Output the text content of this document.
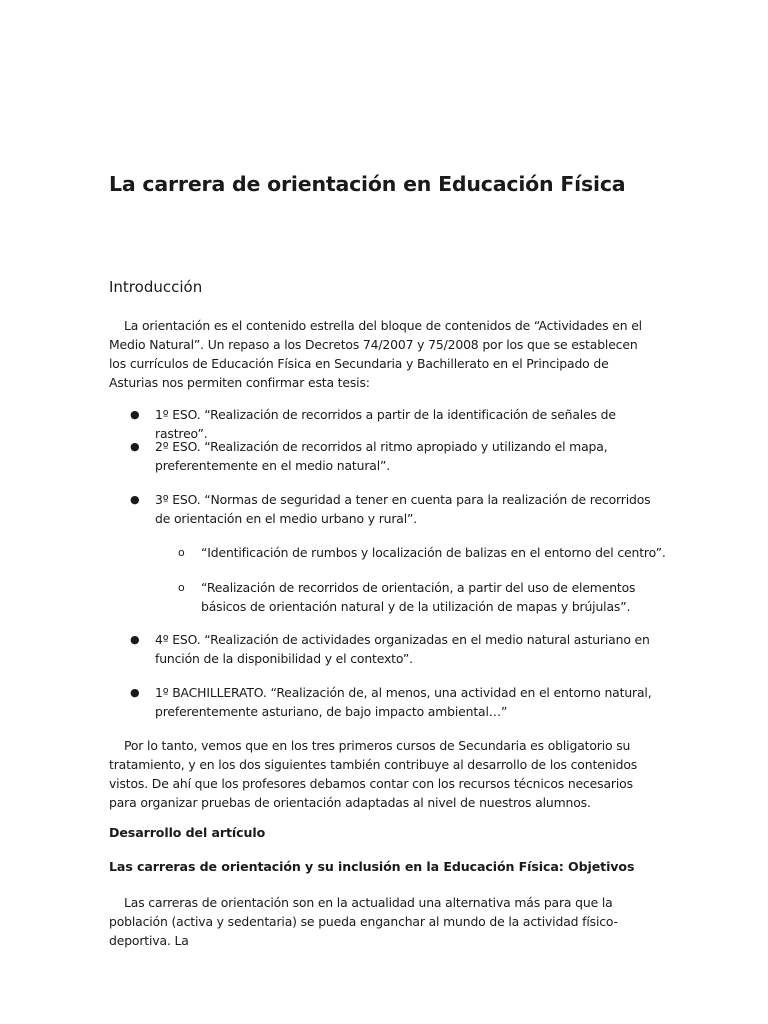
La carrera de orientación en Educación Física
Introducción

La orientación es el contenido estrella del bloque de contenidos de “Actividades en el Medio Natural”. Un repaso a los Decretos 74/2007 y 75/2008 por los que se establecen los currículos de Educación Física en Secundaria y Bachillerato en el Principado de Asturias nos permiten confirmar esta tesis:

● 1º ESO. “Realización de recorridos a partir de la identificación de señales de rastreo”.
● 2º ESO. “Realización de recorridos al ritmo apropiado y utilizando el mapa, preferentemente en el medio natural”.
● 3º ESO. “Normas de seguridad a tener en cuenta para la realización de recorridos de orientación en el medio urbano y rural”.
o “Identificación de rumbos y localización de balizas en el entorno del centro”.
o “Realización de recorridos de orientación, a partir del uso de elementos básicos de orientación natural y de la utilización de mapas y brújulas”.
● 4º ESO. “Realización de actividades organizadas en el medio natural asturiano en función de la disponibilidad y el contexto”.
● 1º BACHILLERATO. “Realización de, al menos, una actividad en el entorno natural, preferentemente asturiano, de bajo impacto ambiental…”

Por lo tanto, vemos que en los tres primeros cursos de Secundaria es obligatorio su tratamiento, y en los dos siguientes también contribuye al desarrollo de los contenidos vistos. De ahí que los profesores debamos contar con los recursos técnicos necesarios para organizar pruebas de orientación adaptadas al nivel de nuestros alumnos.

Desarrollo del artículo
Las carreras de orientación y su inclusión en la Educación Física: Objetivos

Las carreras de orientación son en la actualidad una alternativa más para que la población (activa y sedentaria) se pueda enganchar al mundo de la actividad físico-deportiva. La
